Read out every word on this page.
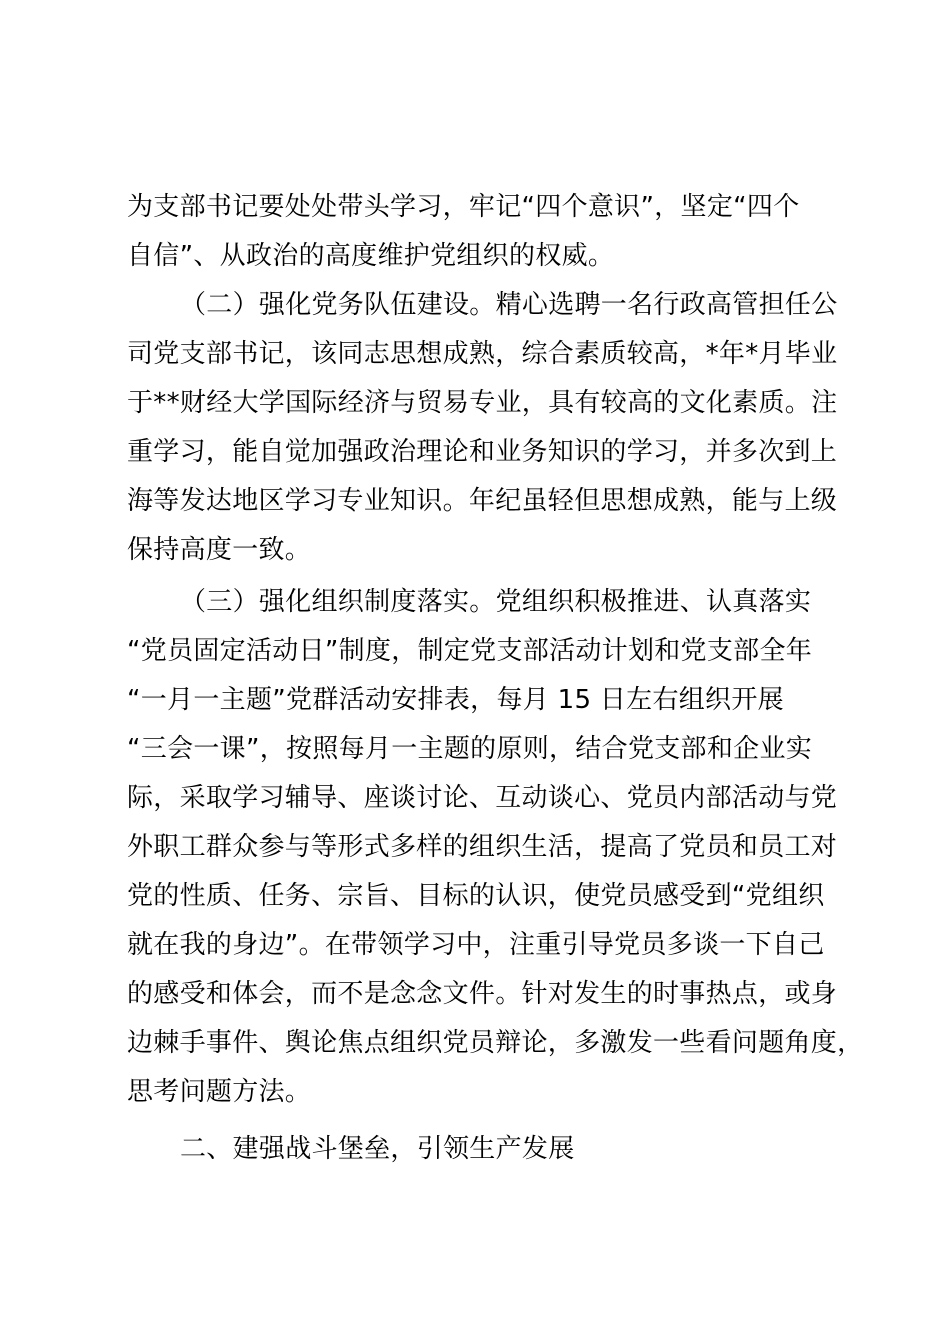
为支部书记要处处带头学习，牢记“四个意识”，坚定“四个
自信”、从政治的高度维护党组织的权威。
（二）强化党务队伍建设。精心选聘一名行政高管担任公
司党支部书记，该同志思想成熟，综合素质较高，*年*月毕业
于**财经大学国际经济与贸易专业，具有较高的文化素质。注
重学习，能自觉加强政治理论和业务知识的学习，并多次到上
海等发达地区学习专业知识。年纪虽轻但思想成熟，能与上级
保持高度一致。
（三）强化组织制度落实。党组织积极推进、认真落实
“党员固定活动日”制度，制定党支部活动计划和党支部全年
“一月一主题”党群活动安排表，每月 15 日左右组织开展
“三会一课”，按照每月一主题的原则，结合党支部和企业实
际，采取学习辅导、座谈讨论、互动谈心、党员内部活动与党
外职工群众参与等形式多样的组织生活，提高了党员和员工对
党的性质、任务、宗旨、目标的认识，使党员感受到“党组织
就在我的身边”。在带领学习中，注重引导党员多谈一下自己
的感受和体会，而不是念念文件。针对发生的时事热点，或身
边棘手事件、舆论焦点组织党员辩论，多激发一些看问题角度，
思考问题方法。
二、建强战斗堡垒，引领生产发展
